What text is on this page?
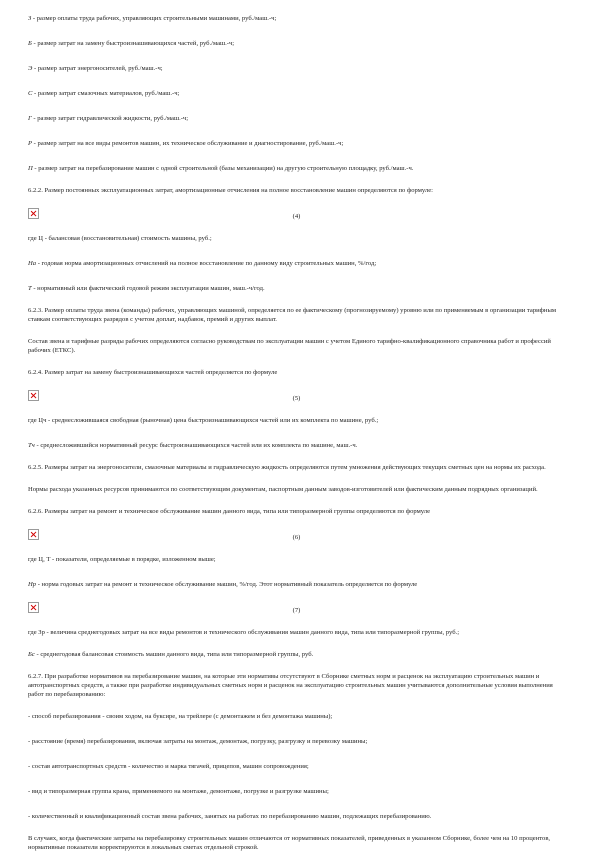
З - размер оплаты труда рабочих, управляющих строительными машинами, руб./маш.-ч;

Б - размер затрат на замену быстроизнашивающихся частей, руб./маш.-ч;

Э - размер затрат энергоносителей, руб./маш.-ч;

С - размер затрат смазочных материалов, руб./маш.-ч;

Г - размер затрат гидравлической жидкости, руб./маш.-ч;

Р - размер затрат на все виды ремонтов машин, их техническое обслуживание и диагностирование, руб./маш.-ч;

П - размер затрат на перебазирование машин с одной строительной (базы механизации) на другую строительную площадку, руб./маш.-ч.

6.2.2. Размер постоянных эксплуатационных затрат, амортизационные отчисления на полное восстановление машин определяются по формуле:

(4)

где Ц - балансовая (восстановительная) стоимость машины, руб.;

На - годовая норма амортизационных отчислений на полное восстановление по данному виду строительных машин, %/год;

Т - нормативный или фактический годовой режим эксплуатации машин, маш.-ч/год.

6.2.3. Размер оплаты труда звена (команды) рабочих, управляющих машиной, определяется по ее фактическому (прогнозируемому) уровню или по применяемым в организации тарифным ставкам соответствующих разрядов с учетом доплат, надбавок, премий и других выплат.

Состав звена и тарифные разряды рабочих определяются согласно руководствам по эксплуатации машин с учетом Единого тарифно-квалификационного справочника работ и профессий рабочих (ЕТКС).

6.2.4. Размер затрат на замену быстроизнашивающихся частей определяется по формуле

(5)

где Цч - среднесложившаяся свободная (рыночная) цена быстроизнашивающихся частей или их комплекта по машине, руб.;

Тч - среднесложившийся нормативный ресурс быстроизнашивающихся частей или их комплекта по машине, маш.-ч.

6.2.5. Размеры затрат на энергоносители, смазочные материалы и гидравлическую жидкость определяются путем умножения действующих текущих сметных цен на нормы их расхода.

Нормы расхода указанных ресурсов принимаются по соответствующим документам, паспортным данным заводов-изготовителей или фактическим данным подрядных организаций.

6.2.6. Размеры затрат на ремонт и техническое обслуживание машин данного вида, типа или типоразмерной группы определяются по формуле

(6)

где Ц, Т - показатели, определяемые в порядке, изложенном выше;

Нр - норма годовых затрат на ремонт и техническое обслуживание машин, %/год. Этот нормативный показатель определяется по формуле

(7)

где Зр - величина среднегодовых затрат на все виды ремонтов и технического обслуживания машин данного вида, типа или типоразмерной группы, руб.;

Бс - среднегодовая балансовая стоимость машин данного вида, типа или типоразмерной группы, руб.

6.2.7. При разработке нормативов на перебазирование машин, на которые эти нормативы отсутствуют в Сборнике сметных норм и расценок на эксплуатацию строительных машин и автотранспортных средств, а также при разработке индивидуальных сметных норм и расценок на эксплуатацию строительных машин учитываются дополнительные условия выполнения работ по перебазированию:

- способ перебазирования - своим ходом, на буксире, на трейлере (с демонтажем и без демонтажа машины);

- расстояние (время) перебазирования, включая затраты на монтаж, демонтаж, погрузку, разгрузку и перевозку машины;

- состав автотранспортных средств - количество и марка тягачей, прицепов, машин сопровождения;

- вид и типоразмерная группа крана, применяемого на монтаже, демонтаже, погрузке и разгрузке машины;

- количественный и квалификационный состав звена рабочих, занятых на работах по перебазированию машин, подлежащих перебазированию.

В случаях, когда фактические затраты на перебазировку строительных машин отличаются от нормативных показателей, приведенных в указанном Сборнике, более чем на 10 процентов, нормативные показатели корректируются в локальных сметах отдельной строкой.
